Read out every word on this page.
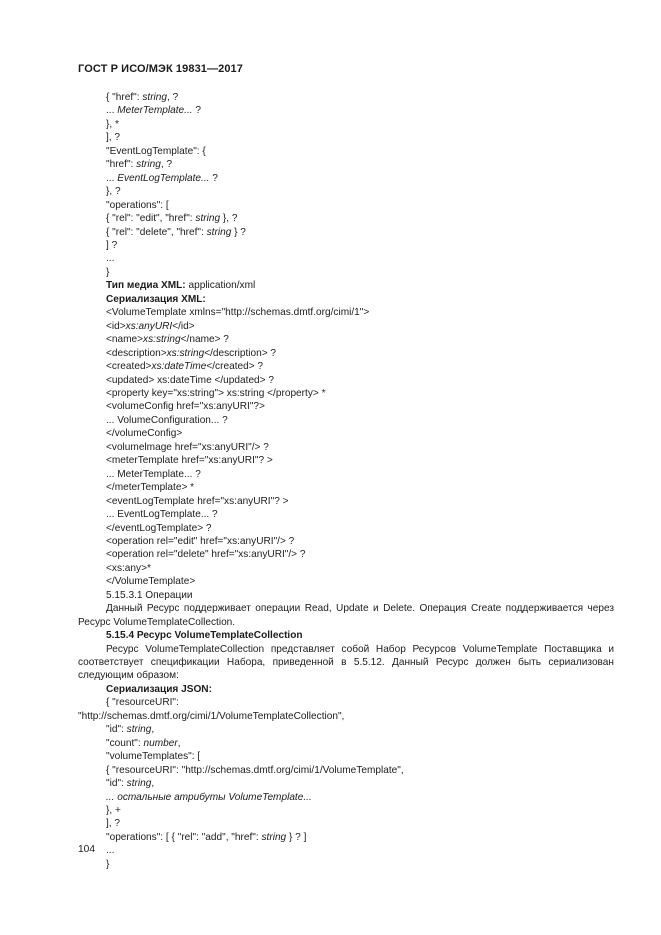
ГОСТ Р ИСО/МЭК 19831—2017
{ "href": string, ?
... MeterTemplate... ?
}, *
], ?
"EventLogTemplate": {
"href": string, ?
... EventLogTemplate... ?
}, ?
"operations": [
{ "rel": "edit", "href": string }, ?
{ "rel": "delete", "href": string } ?
] ?
...
}
Тип медиа XML: application/xml
Сериализация XML:
<VolumeTemplate xmlns="http://schemas.dmtf.org/cimi/1">
<id>xs:anyURI</id>
<name>xs:string</name> ?
<description>xs:string</description> ?
<created>xs:dateTime</created> ?
<updated> xs:dateTime </updated> ?
<property key="xs:string"> xs:string </property> *
<volumeConfig href="xs:anyURI"?>
... VolumeConfiguration... ?
</volumeConfig>
<volumelmage href="xs:anyURI"/> ?
<meterTemplate href="xs:anyURI"? >
... MeterTemplate... ?
</meterTemplate> *
<eventLogTemplate href="xs:anyURI"? >
... EventLogTemplate... ?
</eventLogTemplate> ?
<operation rel="edit" href="xs:anyURI"/> ?
<operation rel="delete" href="xs:anyURI"/> ?
<xs:any>*
</VolumeTemplate>
5.15.3.1 Операции
Данный Ресурс поддерживает операции Read, Update и Delete. Операция Create поддерживается через Ресурс VolumeTemplateCollection.
5.15.4 Ресурс VolumeTemplateCollection
Ресурс VolumeTemplateCollection представляет собой Набор Ресурсов VolumeTemplate Поставщика и соответствует спецификации Набора, приведенной в 5.5.12. Данный Ресурс должен быть сериализован следующим образом:
Сериализация JSON:
{ "resourceURI":
"http://schemas.dmtf.org/cimi/1/VolumeTemplateCollection",
"id": string,
"count": number,
"volumeTemplates": [
{ "resourceURI": "http://schemas.dmtf.org/cimi/1/VolumeTemplate",
"id": string,
... остальные атрибуты VolumeTemplate...
}, +
], ?
"operations": [ { "rel": "add", "href": string } ? ]
...
}
104
